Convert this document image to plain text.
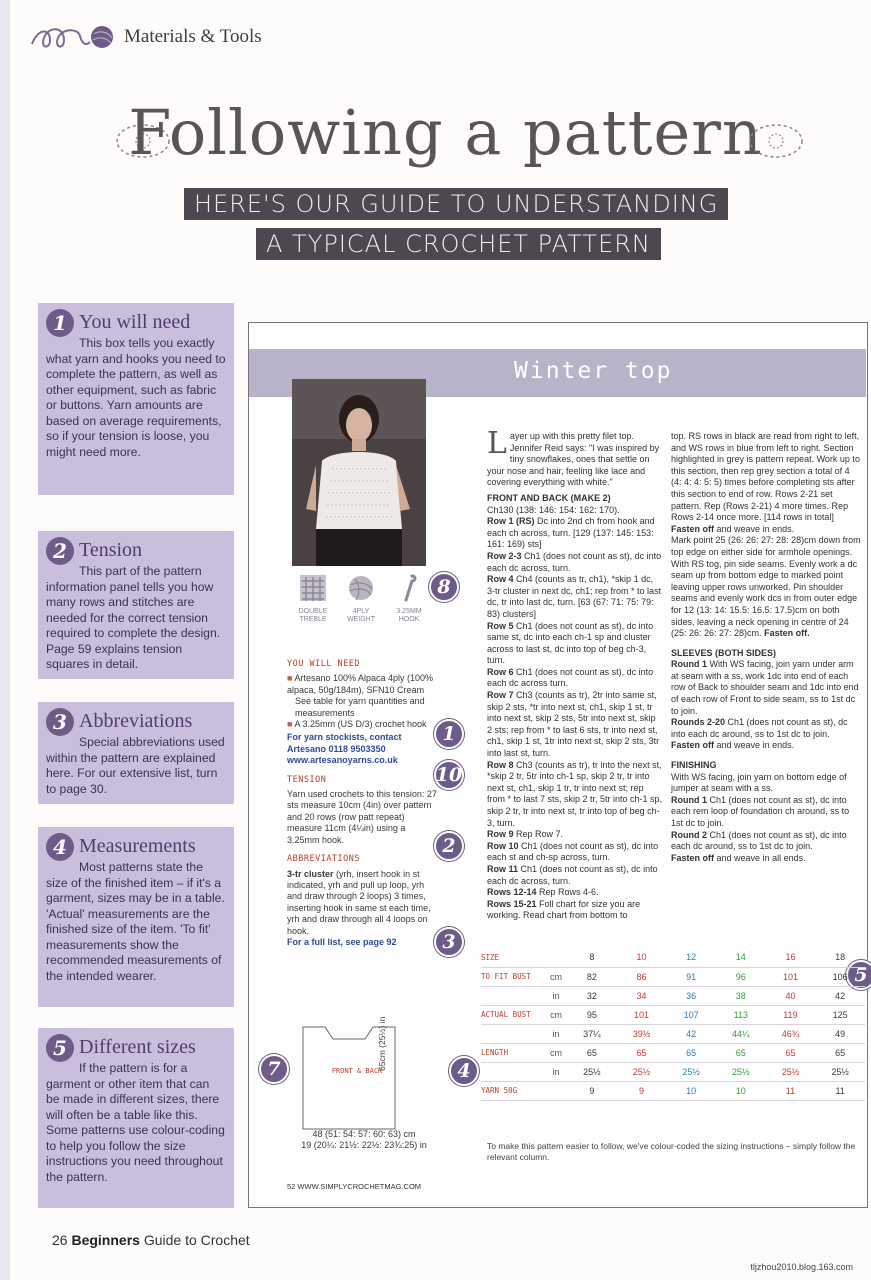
Materials & Tools
Following a pattern
HERE'S OUR GUIDE TO UNDERSTANDING
A TYPICAL CROCHET PATTERN
1 You will need
This box tells you exactly what yarn and hooks you need to complete the pattern, as well as other equipment, such as fabric or buttons. Yarn amounts are based on average requirements, so if your tension is loose, you might need more.
2 Tension
This part of the pattern information panel tells you how many rows and stitches are needed for the correct tension required to complete the design. Page 59 explains tension squares in detail.
3 Abbreviations
Special abbreviations used within the pattern are explained here. For our extensive list, turn to page 30.
4 Measurements
Most patterns state the size of the finished item – if it's a garment, sizes may be in a table. 'Actual' measurements are the finished size of the item. 'To fit' measurements show the recommended measurements of the intended wearer.
5 Different sizes
If the pattern is for a garment or other item that can be made in different sizes, there will often be a table like this. Some patterns use colour-coding to help you follow the size instructions you need throughout the pattern.
Winter top
DOUBLE
TREBLE
4PLY
WEIGHT
3.25MM
HOOK
8
1
10
2
3
7	4
5
YOU WILL NEED
■ Artesano 100% Alpaca 4ply (100% alpaca, 50g/184m), SFN10 Cream
See table for yarn quantities and measurements
■ A 3.25mm (US D/3) crochet hook
For yarn stockists, contact Artesano 0118 9503350 www.artesanoyarns.co.uk
TENSION
Yarn used crochets to this tension: 27 sts measure 10cm (4in) over pattern and 20 rows (row patt repeat) measure 11cm (4¼in) using a 3.25mm hook.
ABBREVIATIONS
3-tr cluster (yrh, insert hook in st indicated, yrh and pull up loop, yrh and draw through 2 loops) 3 times, inserting hook in same st each time, yrh and draw through all 4 loops on hook.
For a full list, see page 92
FRONT & BACK
65cm (25½) in
48 (51: 54: 57: 60: 63) cm
19 (20¼: 21½: 22½: 23¾:25) in
Layer up with this pretty filet top. Jennifer Reid says: "I was inspired by tiny snowflakes, ones that settle on your nose and hair, feeling like lace and covering everything with white."
FRONT AND BACK (MAKE 2)
Ch130 (138: 146: 154: 162: 170).
Row 1 (RS) Dc into 2nd ch from hook and each ch across, turn. [129 (137: 145: 153: 161: 169) sts]
Row 2-3 Ch1 (does not count as st), dc into each dc across, turn.
Row 4 Ch4 (counts as tr, ch1), *skip 1 dc, 3-tr cluster in next dc, ch1; rep from * to last dc, tr into last dc, turn. [63 (67: 71: 75: 79: 83) clusters]
Row 5 Ch1 (does not count as st), dc into same st, dc into each ch-1 sp and cluster across to last st, dc into top of beg ch-3, turn.
Row 6 Ch1 (does not count as st), dc into each dc across turn.
Row 7 Ch3 (counts as tr), 2tr into same st, skip 2 sts, *tr into next st, ch1, skip 1 st, tr into next st, skip 2 sts, 5tr into next st, skip 2 sts; rep from * to last 6 sts, tr into next st, ch1, skip 1 st, 1tr into next st, skip 2 sts, 3tr into last st, turn.
Row 8 Ch3 (counts as tr), tr into the next st, *skip 2 tr, 5tr into ch-1 sp, skip 2 tr, tr into next st, ch1, skip 1 tr, tr into next st; rep from * to last 7 sts, skip 2 tr, 5tr into ch-1 sp, skip 2 tr, tr into next st, tr into top of beg ch-3, turn.
Row 9 Rep Row 7.
Row 10 Ch1 (does not count as st), dc into each st and ch-sp across, turn.
Row 11 Ch1 (does not count as st), dc into each dc across, turn.
Rows 12-14 Rep Rows 4-6.
Rows 15-21 Foll chart for size you are working. Read chart from bottom to
top. RS rows in black are read from right to left, and WS rows in blue from left to right. Section highlighted in grey is pattern repeat. Work up to this section, then rep grey section a total of 4 (4: 4: 4: 5: 5) times before completing sts after this section to end of row. Rows 2-21 set pattern. Rep (Rows 2-21) 4 more times. Rep Rows 2-14 once more. [114 rows in total]
Fasten off and weave in ends.
Mark point 25 (26: 26: 27: 28: 28)cm down from top edge on either side for armhole openings. With RS tog, pin side seams. Evenly work a dc seam up from bottom edge to marked point leaving upper rows unworked. Pin shoulder seams and evenly work dcs in from outer edge for 12 (13: 14: 15.5: 16.5: 17.5)cm on both sides, leaving a neck opening in centre of 24 (25: 26: 26: 27: 28)cm. Fasten off.
SLEEVES (BOTH SIDES)
Round 1 With WS facing, join yarn under arm at seam with a ss, work 1dc into end of each row of Back to shoulder seam and 1dc into end of each row of Front to side seam, ss to 1st dc to join.
Rounds 2-20 Ch1 (does not count as st), dc into each dc around, ss to 1st dc to join. Fasten off and weave in ends.
FINISHING
With WS facing, join yarn on bottom edge of jumper at seam with a ss.
Round 1 Ch1 (does not count as st), dc into each rem loop of foundation ch around, ss to 1st dc to join.
Round 2 Ch1 (does not count as st), dc into each dc around, ss to 1st dc to join.
Fasten off and weave in all ends.
SIZE		8	10	12	14	16	18
TO FIT BUST	cm	82	86	91	96	101	106
	in	32	34	36	38	40	42
ACTUAL BUST	cm	95	101	107	113	119	125
	in	37¼	39½	42	44¼	46¾	49
LENGTH	cm	65	65	65	65	65	65
	in	25½	25½	25½	25½	25½	25½
YARN 50G		9	9	10	10	11	11
To make this pattern easier to follow, we've colour-coded the sizing instructions – simply follow the relevant column.
52 WWW.SIMPLYCROCHETMAG.COM
26 Beginners Guide to Crochet
tljzhou2010.blog.163.com
